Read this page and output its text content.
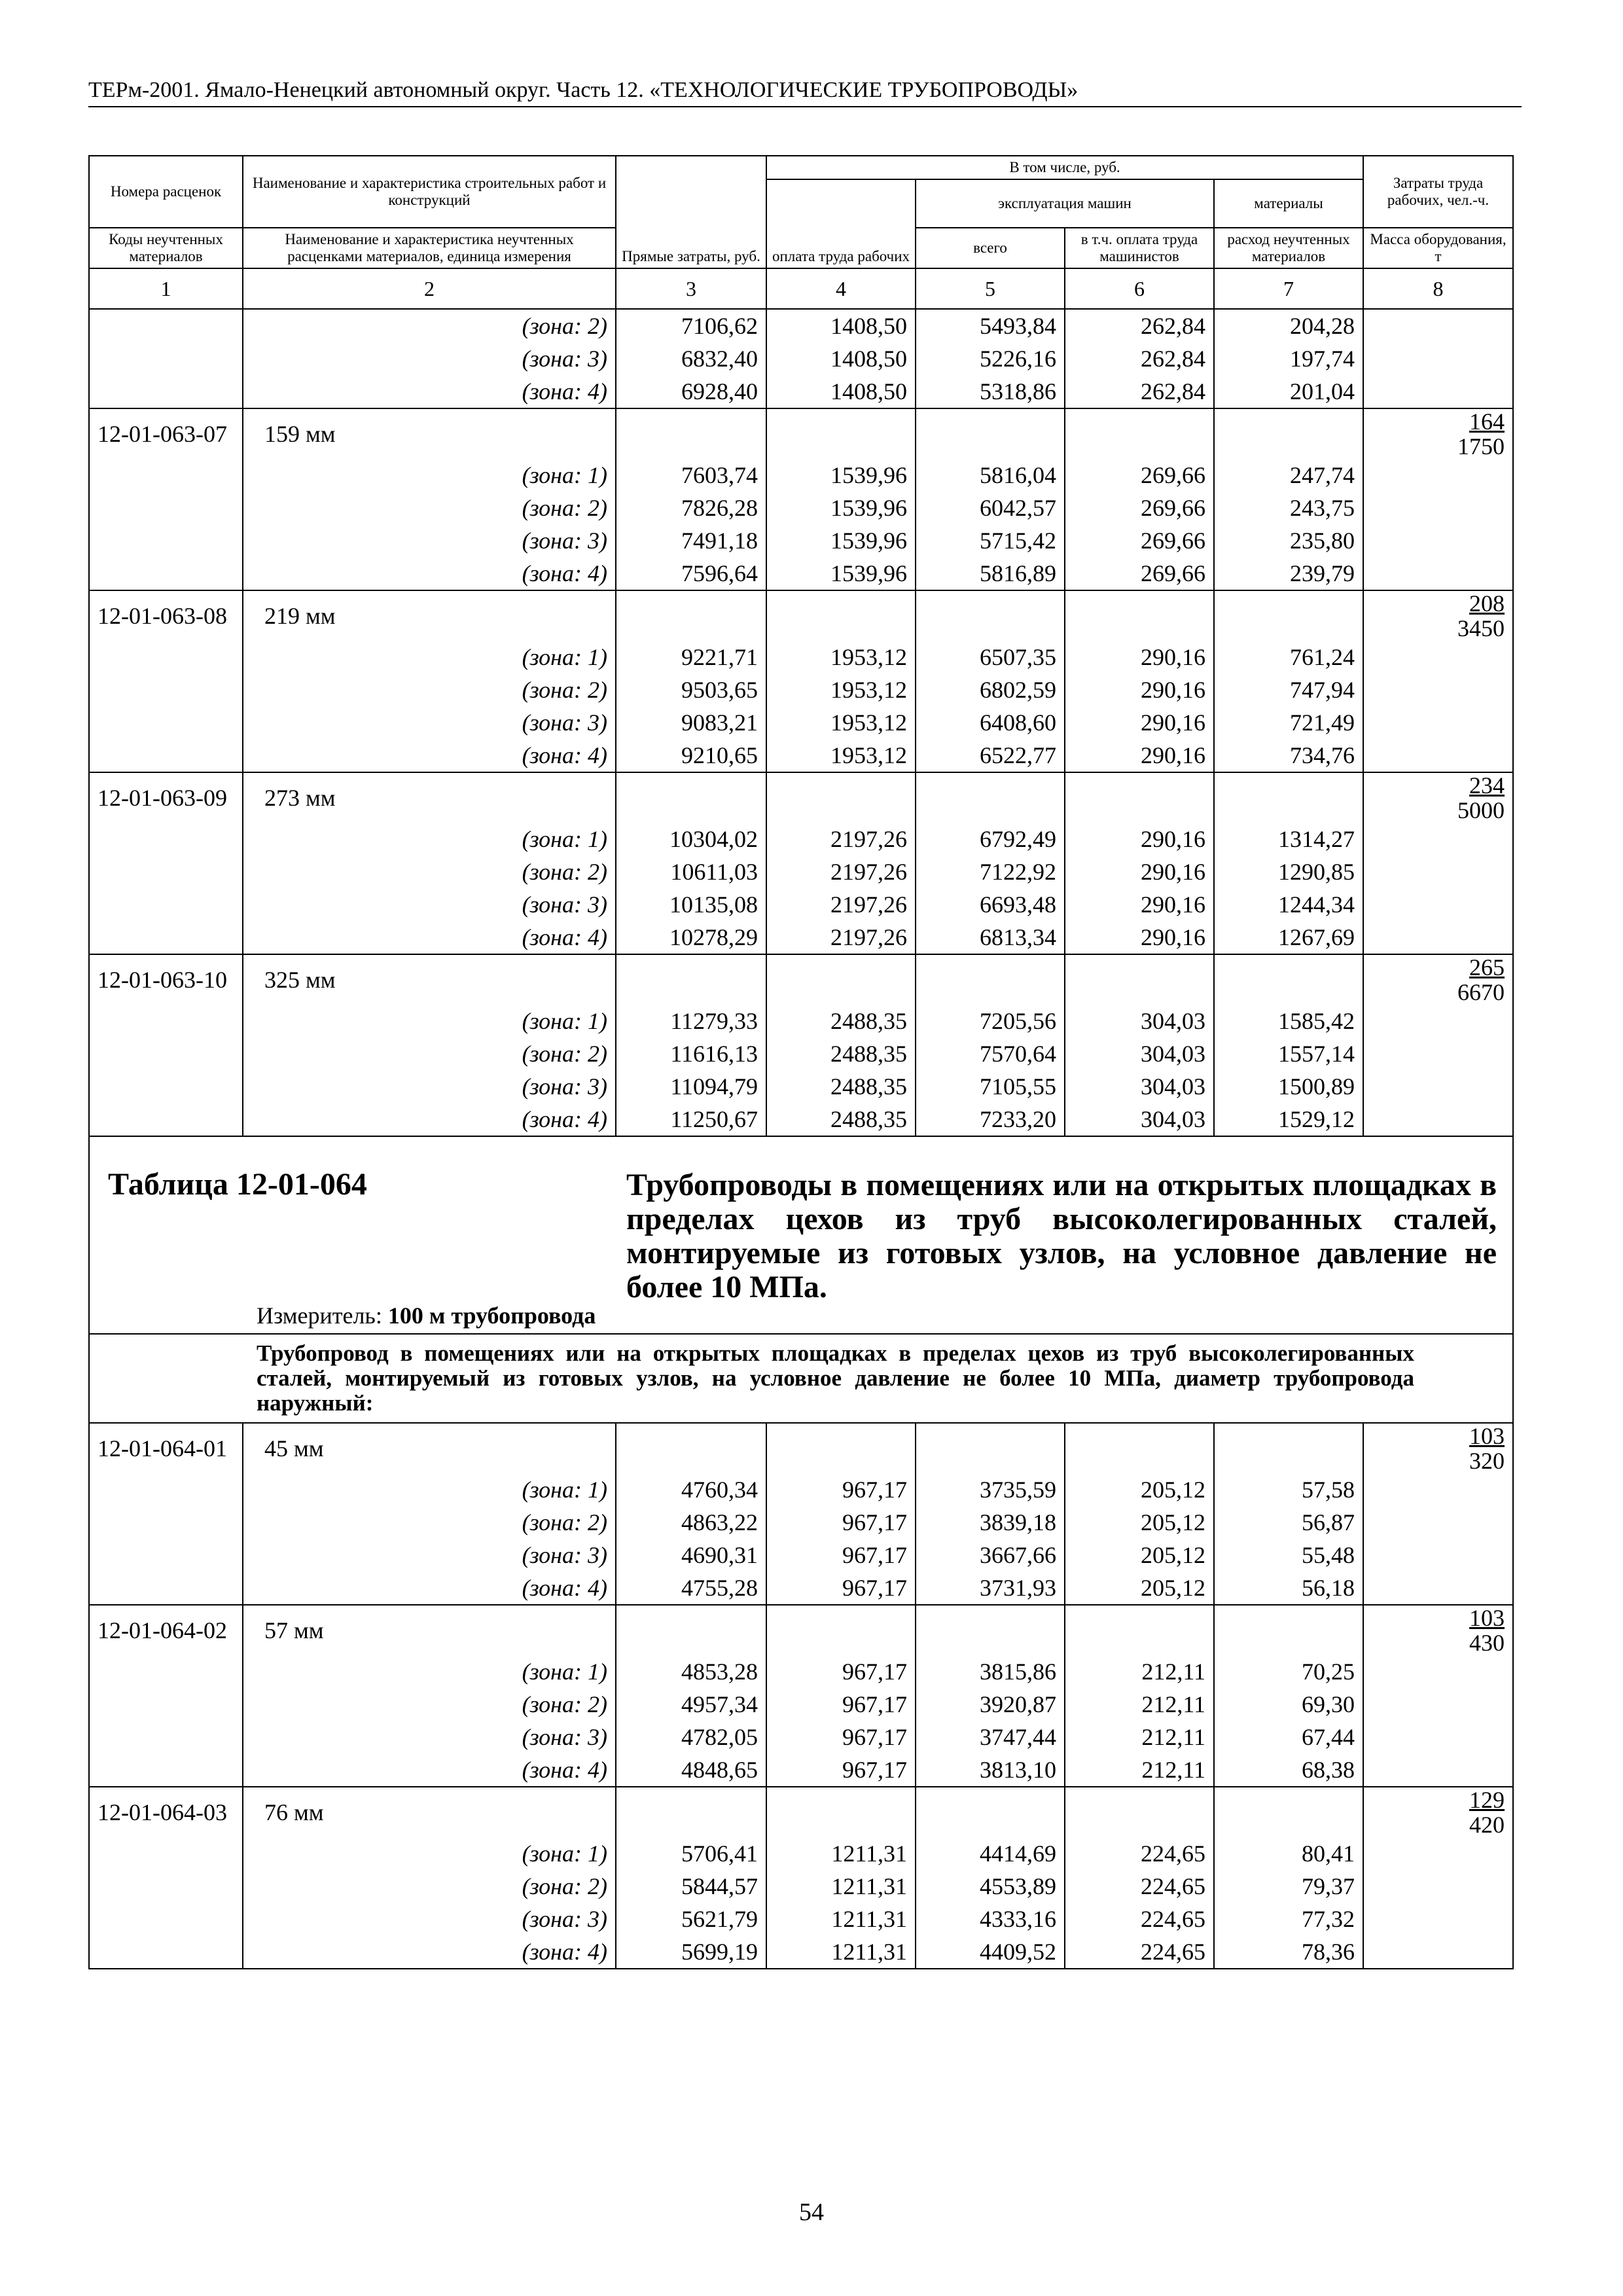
ТЕРм-2001. Ямало-Ненецкий автономный округ. Часть 12. «ТЕХНОЛОГИЧЕСКИЕ ТРУБОПРОВОДЫ»
Номера расценок	Наименование и характеристика строительных работ и конструкций	Прямые затраты, руб.	В том числе, руб.				Затраты труда рабочих, чел.-ч.
			оплата труда рабочих	эксплуатация машин		материалы	
Коды неучтенных материалов	Наименование и характеристика неучтенных расценками материалов, единица измерения			всего	в т.ч. оплата труда машинистов	расход неучтенных материалов	Масса оборудования, т
1	2	3	4	5	6	7	8
	(зона: 2)	7106,62	1408,50	5493,84	262,84	204,28	
	(зона: 3)	6832,40	1408,50	5226,16	262,84	197,74	
	(зона: 4)	6928,40	1408,50	5318,86	262,84	201,04	
12-01-063-07	159 мм						164
1750

	(зона: 1)	7603,74	1539,96	5816,04	269,66	247,74	
	(зона: 2)	7826,28	1539,96	6042,57	269,66	243,75	
	(зона: 3)	7491,18	1539,96	5715,42	269,66	235,80	
	(зона: 4)	7596,64	1539,96	5816,89	269,66	239,79	
12-01-063-08	219 мм						208
3450

	(зона: 1)	9221,71	1953,12	6507,35	290,16	761,24	
	(зона: 2)	9503,65	1953,12	6802,59	290,16	747,94	
	(зона: 3)	9083,21	1953,12	6408,60	290,16	721,49	
	(зона: 4)	9210,65	1953,12	6522,77	290,16	734,76	
12-01-063-09	273 мм						234
5000

	(зона: 1)	10304,02	2197,26	6792,49	290,16	1314,27	
	(зона: 2)	10611,03	2197,26	7122,92	290,16	1290,85	
	(зона: 3)	10135,08	2197,26	6693,48	290,16	1244,34	
	(зона: 4)	10278,29	2197,26	6813,34	290,16	1267,69	
12-01-063-10	325 мм						265
6670

	(зона: 1)	11279,33	2488,35	7205,56	304,03	1585,42	
	(зона: 2)	11616,13	2488,35	7570,64	304,03	1557,14	
	(зона: 3)	11094,79	2488,35	7105,55	304,03	1500,89	
	(зона: 4)	11250,67	2488,35	7233,20	304,03	1529,12	

Таблица 12-01-064 Трубопроводы в помещениях или на открытых площадках в пределах цехов из труб высоколегированных сталей, монтируемые из готовых узлов, на условное давление не более 10 МПа.
Измеритель: 100 м трубопровода							

Трубопровод в помещениях или на открытых площадках в пределах цехов из труб высоколегированных сталей, монтируемый из готовых узлов, на условное давление не более 10 МПа, диаметр трубопровода наружный:							
12-01-064-01	45 мм						103
320

	(зона: 1)	4760,34	967,17	3735,59	205,12	57,58	
	(зона: 2)	4863,22	967,17	3839,18	205,12	56,87	
	(зона: 3)	4690,31	967,17	3667,66	205,12	55,48	
	(зона: 4)	4755,28	967,17	3731,93	205,12	56,18	
12-01-064-02	57 мм						103
430

	(зона: 1)	4853,28	967,17	3815,86	212,11	70,25	
	(зона: 2)	4957,34	967,17	3920,87	212,11	69,30	
	(зона: 3)	4782,05	967,17	3747,44	212,11	67,44	
	(зона: 4)	4848,65	967,17	3813,10	212,11	68,38	
12-01-064-03	76 мм						129
420

	(зона: 1)	5706,41	1211,31	4414,69	224,65	80,41	
	(зона: 2)	5844,57	1211,31	4553,89	224,65	79,37	
	(зона: 3)	5621,79	1211,31	4333,16	224,65	77,32	
	(зона: 4)	5699,19	1211,31	4409,52	224,65	78,36	
54
